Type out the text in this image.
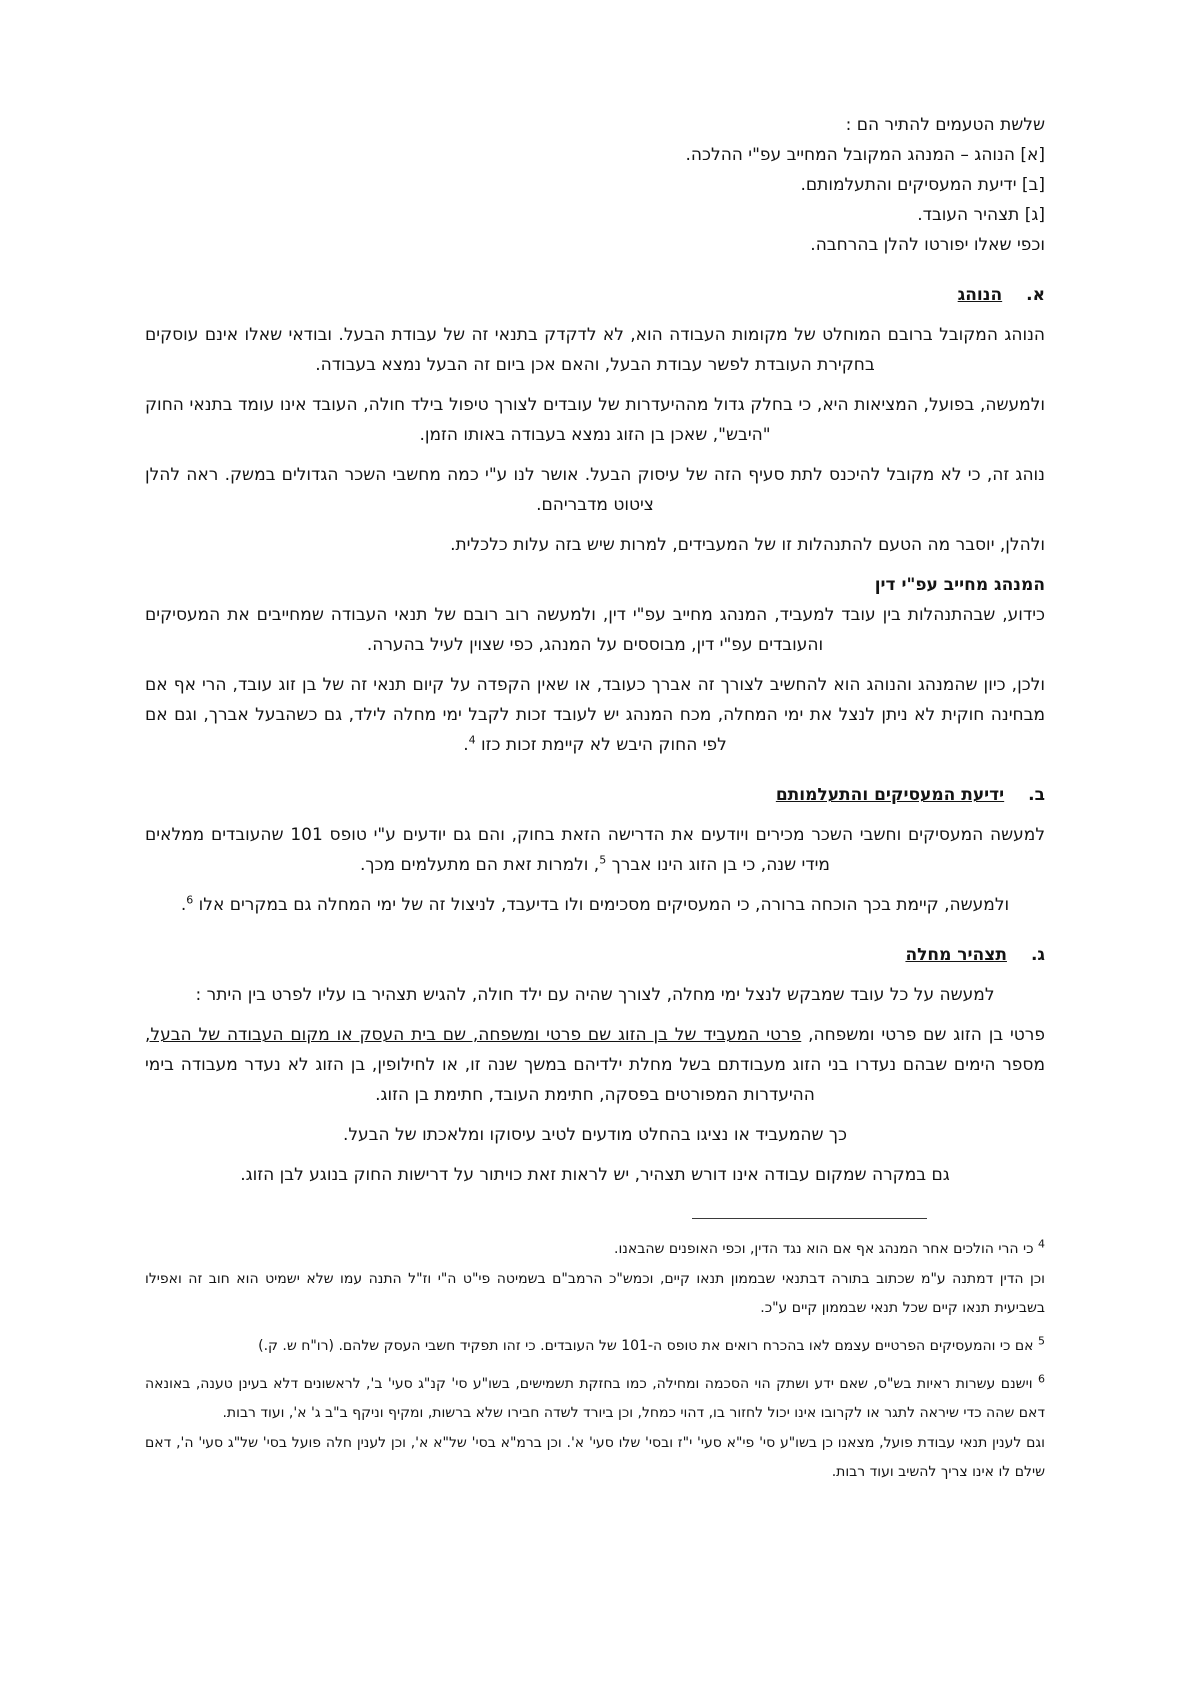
שלשת הטעמים להתיר הם :
[א] הנוהג – המנהג המקובל המחייב עפ"י ההלכה.
[ב] ידיעת המעסיקים והתעלמותם.
[ג] תצהיר העובד.
וכפי שאלו יפורטו להלן בהרחבה.
א.הנוהג

הנוהג המקובל ברובם המוחלט של מקומות העבודה הוא, לא לדקדק בתנאי זה של עבודת הבעל. ובודאי שאלו אינם עוסקים בחקירת העובדת לפשר עבודת הבעל, והאם אכן ביום זה הבעל נמצא בעבודה.

ולמעשה, בפועל, המציאות היא, כי בחלק גדול מההיעדרות של עובדים לצורך טיפול בילד חולה, העובד אינו עומד בתנאי החוק "היבש", שאכן בן הזוג נמצא בעבודה באותו הזמן.

נוהג זה, כי לא מקובל להיכנס לתת סעיף הזה של עיסוק הבעל. אושר לנו ע"י כמה מחשבי השכר הגדולים במשק. ראה להלן ציטוט מדבריהם.

ולהלן, יוסבר מה הטעם להתנהלות זו של המעבידים, למרות שיש בזה עלות כלכלית.

המנהג מחייב עפ"י דין

כידוע, שבהתנהלות בין עובד למעביד, המנהג מחייב עפ"י דין, ולמעשה רוב רובם של תנאי העבודה שמחייבים את המעסיקים והעובדים עפ"י דין, מבוססים על המנהג, כפי שצוין לעיל בהערה.

ולכן, כיון שהמנהג והנוהג הוא להחשיב לצורך זה אברך כעובד, או שאין הקפדה על קיום תנאי זה של בן זוג עובד, הרי אף אם מבחינה חוקית לא ניתן לנצל את ימי המחלה, מכח המנהג יש לעובד זכות לקבל ימי מחלה לילד, גם כשהבעל אברך, וגם אם לפי החוק היבש לא קיימת זכות כזו $^4$.

ב.ידיעת המעסיקים והתעלמותם

למעשה המעסיקים וחשבי השכר מכירים ויודעים את הדרישה הזאת בחוק, והם גם יודעים ע"י טופס 101 שהעובדים ממלאים מידי שנה, כי בן הזוג הינו אברך $^5$, ולמרות זאת הם מתעלמים מכך.

ולמעשה, קיימת בכך הוכחה ברורה, כי המעסיקים מסכימים ולו בדיעבד, לניצול זה של ימי המחלה גם במקרים אלו $^6$.

ג.תצהיר מחלה

למעשה על כל עובד שמבקש לנצל ימי מחלה, לצורך שהיה עם ילד חולה, להגיש תצהיר בו עליו לפרט בין היתר :

פרטי בן הזוג שם פרטי ומשפחה, פרטי המעביד של בן הזוג שם פרטי ומשפחה, שם בית העסק או מקום העבודה של הבעל, מספר הימים שבהם נעדרו בני הזוג מעבודתם בשל מחלת ילדיהם במשך שנה זו, או לחילופין, בן הזוג לא נעדר מעבודה בימי ההיעדרות המפורטים בפסקה, חתימת העובד, חתימת בן הזוג.

כך שהמעביד או נציגו בהחלט מודעים לטיב עיסוקו ומלאכתו של הבעל.

גם במקרה שמקום עבודה אינו דורש תצהיר, יש לראות זאת כויתור על דרישות החוק בנוגע לבן הזוג.

$^4$ כי הרי הולכים אחר המנהג אף אם הוא נגד הדין, וכפי האופנים שהבאנו.

וכן הדין דמתנה ע"מ שכתוב בתורה דבתנאי שבממון תנאו קיים, וכמש"כ הרמב"ם בשמיטה פי"ט ה"י וז"ל התנה עמו שלא ישמיט הוא חוב זה ואפילו בשביעית תנאו קיים שכל תנאי שבממון קיים ע"כ.

$^5$ אם כי והמעסיקים הפרטיים עצמם לאו בהכרח רואים את טופס ה-101 של העובדים. כי זהו תפקיד חשבי העסק שלהם. (רו"ח ש. ק.)

$^6$ וישנם עשרות ראיות בש"ס, שאם ידע ושתק הוי הסכמה ומחילה, כמו בחזקת תשמישים, בשו"ע סי' קנ"ג סעי' ב', לראשונים דלא בעינן טענה, באונאה דאם שהה כדי שיראה לתגר או לקרובו אינו יכול לחזור בו, דהוי כמחל, וכן ביורד לשדה חבירו שלא ברשות, ומקיף וניקף ב"ב ג' א', ועוד רבות.

וגם לענין תנאי עבודת פועל, מצאנו כן בשו"ע סי' פי"א סעי' י"ז ובסי' שלו סעי' א'. וכן ברמ"א בסי' של"א א', וכן לענין חלה פועל בסי' של"ג סעי' ה', דאם שילם לו אינו צריך להשיב ועוד רבות.
